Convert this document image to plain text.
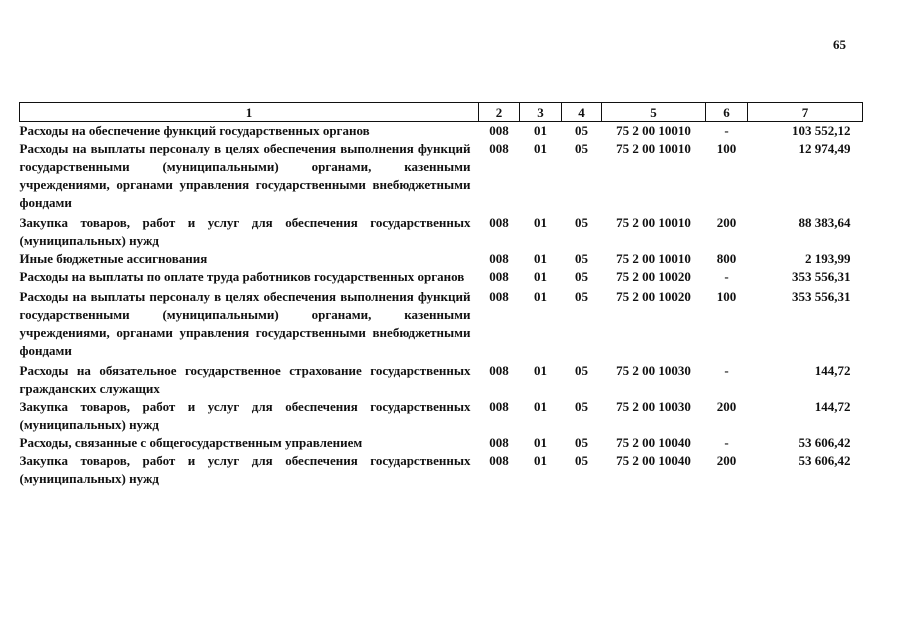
65
1	2	3	4	5	6	7
Расходы на обеспечение функций государственных органов	008	01	05	75 2 00 10010	-	103 552,12
Расходы на выплаты персоналу в целях обеспечения выполнения функций государственными (муниципальными) органами, казенными учреждениями, органами управления государственными внебюджетными фондами	008	01	05	75 2 00 10010	100	12 974,49
Закупка товаров, работ и услуг для обеспечения государственных (муниципальных) нужд	008	01	05	75 2 00 10010	200	88 383,64
Иные бюджетные ассигнования	008	01	05	75 2 00 10010	800	2 193,99
Расходы на выплаты по оплате труда работников государственных органов	008	01	05	75 2 00 10020	-	353 556,31
Расходы на выплаты персоналу в целях обеспечения выполнения функций государственными (муниципальными) органами, казенными учреждениями, органами управления государственными внебюджетными фондами	008	01	05	75 2 00 10020	100	353 556,31
Расходы на обязательное государственное страхование государственных гражданских служащих	008	01	05	75 2 00 10030	-	144,72
Закупка товаров, работ и услуг для обеспечения государственных (муниципальных) нужд	008	01	05	75 2 00 10030	200	144,72
Расходы, связанные с общегосударственным управлением	008	01	05	75 2 00 10040	-	53 606,42
Закупка товаров, работ и услуг для обеспечения государственных (муниципальных) нужд	008	01	05	75 2 00 10040	200	53 606,42
